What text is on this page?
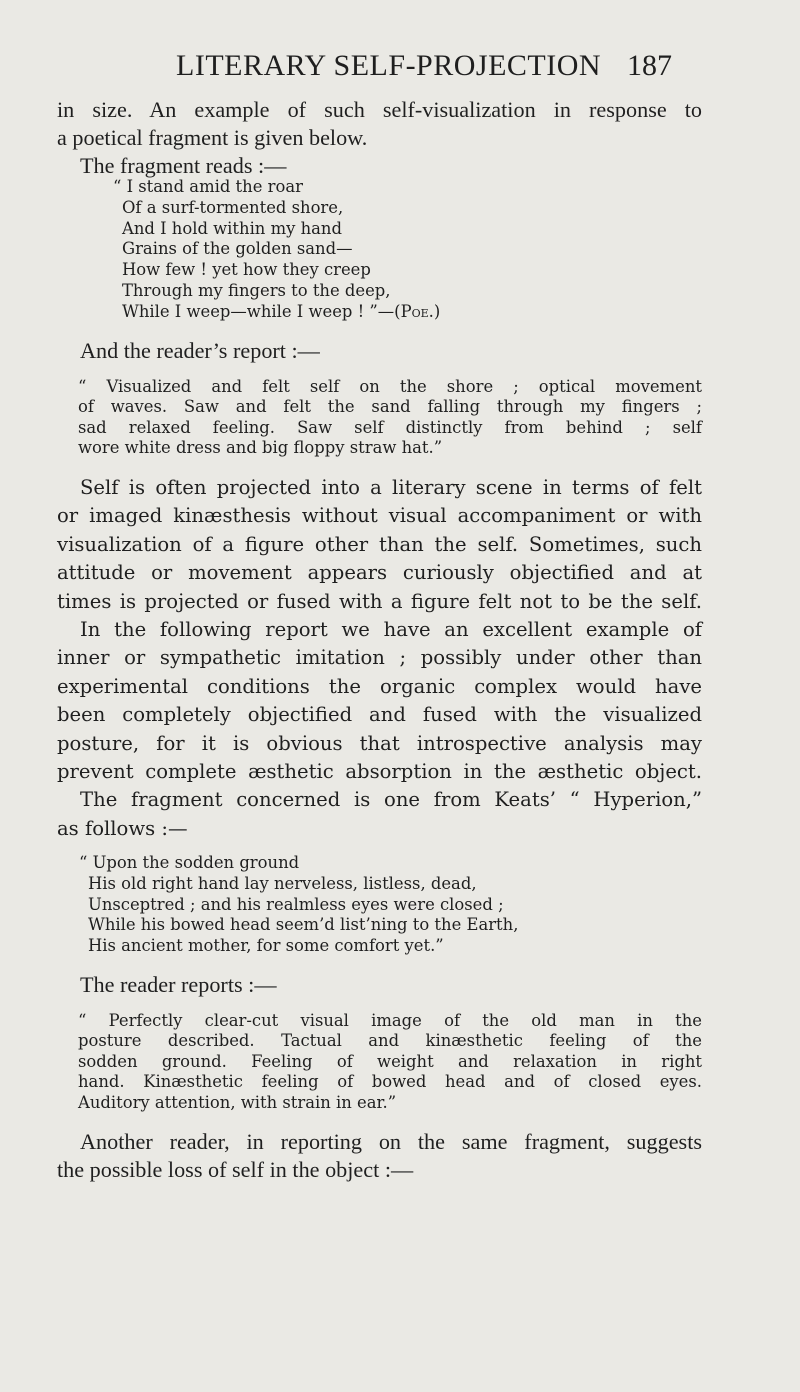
LITERARY SELF-PROJECTION 187
in size. An example of such self-visualization in response to
a poetical fragment is given below.
The fragment reads :—
“ I stand amid the roar
Of a surf-tormented shore,
And I hold within my hand
Grains of the golden sand—
How few ! yet how they creep
Through my fingers to the deep,
While I weep—while I weep ! ”—(Poe.)
And the reader’s report :—
“ Visualized and felt self on the shore ; optical movement
of waves. Saw and felt the sand falling through my fingers ;
sad relaxed feeling. Saw self distinctly from behind ; self
wore white dress and big floppy straw hat.”
Self is often projected into a literary scene in terms of felt
or imaged kinæsthesis without visual accompaniment or with
visualization of a figure other than the self. Sometimes, such
attitude or movement appears curiously objectified and at
times is projected or fused with a figure felt not to be the self.
In the following report we have an excellent example of
inner or sympathetic imitation ; possibly under other than
experimental conditions the organic complex would have
been completely objectified and fused with the visualized
posture, for it is obvious that introspective analysis may
prevent complete æsthetic absorption in the æsthetic object.
The fragment concerned is one from Keats’ “ Hyperion,”
as follows :—
“ Upon the sodden ground
His old right hand lay nerveless, listless, dead,
Unsceptred ; and his realmless eyes were closed ;
While his bowed head seem’d list’ning to the Earth,
His ancient mother, for some comfort yet.”
The reader reports :—
“ Perfectly clear-cut visual image of the old man in the
posture described. Tactual and kinæsthetic feeling of the
sodden ground. Feeling of weight and relaxation in right
hand. Kinæsthetic feeling of bowed head and of closed eyes.
Auditory attention, with strain in ear.”
Another reader, in reporting on the same fragment, suggests
the possible loss of self in the object :—
